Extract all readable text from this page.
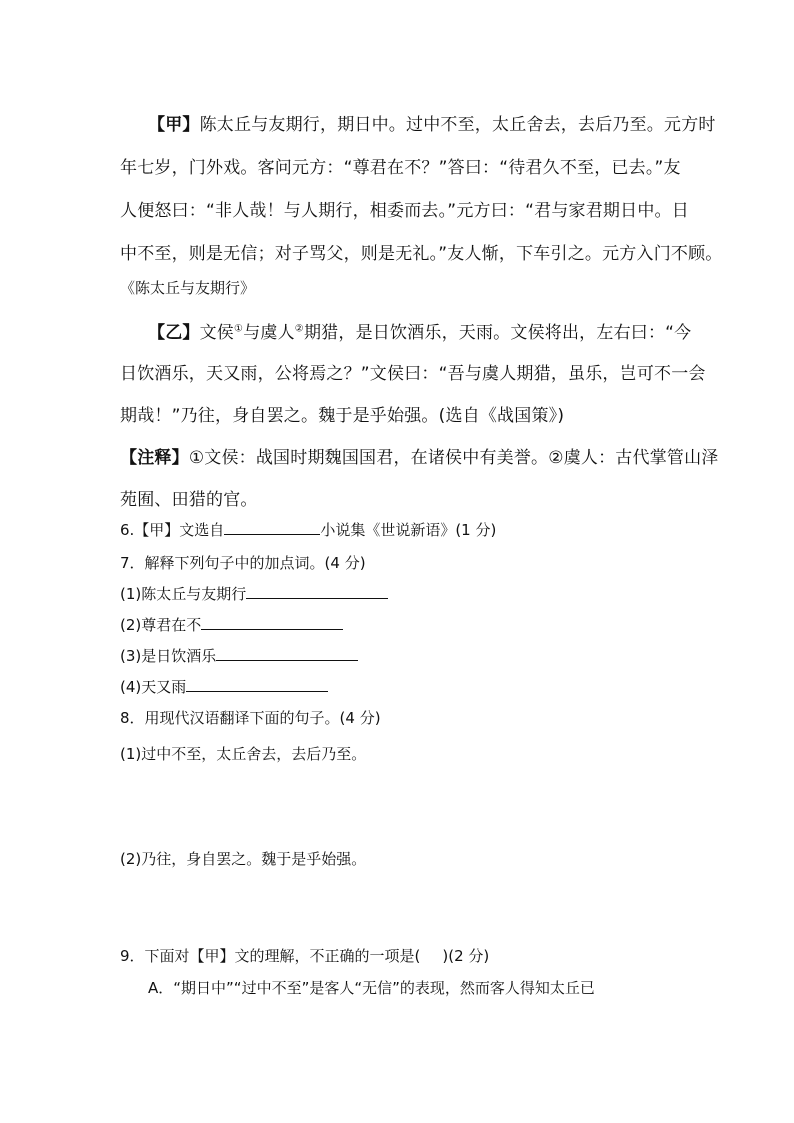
【甲】陈太丘与友期行，期日中。过中不至，太丘舍去，去后乃至。元方时
年七岁，门外戏。客问元方：“尊君在不？”答曰：“待君久不至，已去。”友
人便怒曰：“非人哉！与人期行，相委而去。”元方曰：“君与家君期日中。日
中不至，则是无信；对子骂父，则是无礼。”友人惭，下车引之。元方入门不顾。
《陈太丘与友期行》
【乙】文侯①与虞人②期猎，是日饮酒乐，天雨。文侯将出，左右曰：“今
日饮酒乐，天又雨，公将焉之？”文侯曰：“吾与虞人期猎，虽乐，岂可不一会
期哉！”乃往，身自罢之。魏于是乎始强。(选自《战国策》)
【注释】①文侯：战国时期魏国国君，在诸侯中有美誉。②虞人：古代掌管山泽
苑囿、田猎的官。
6.【甲】文选自	小说集《世说新语》(1 分)
7．解释下列句子中的加点词。(4 分)
(1)陈太丘与友期行
(2)尊君在不
(3)是日饮酒乐
(4)天又雨
8．用现代汉语翻译下面的句子。(4 分)
(1)过中不至，太丘舍去，去后乃至。
(2)乃往，身自罢之。魏于是乎始强。
9．下面对【甲】文的理解，不正确的一项是( )(2 分)
A．“期日中”“过中不至”是客人“无信”的表现，然而客人得知太丘已
